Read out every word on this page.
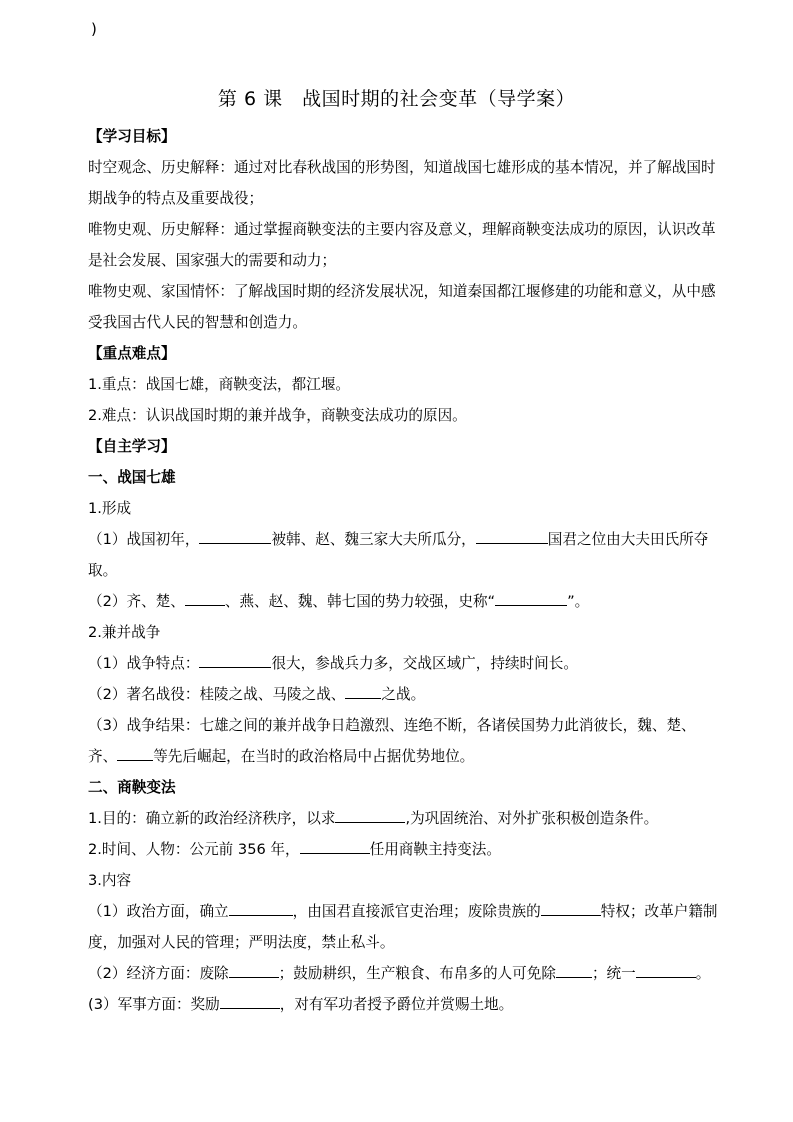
)
第 6 课　战国时期的社会变革（导学案）

【学习目标】

时空观念、历史解释：通过对比春秋战国的形势图，知道战国七雄形成的基本情况，并了解战国时期战争的特点及重要战役；

唯物史观、历史解释：通过掌握商鞅变法的主要内容及意义，理解商鞅变法成功的原因，认识改革是社会发展、国家强大的需要和动力；

唯物史观、家国情怀：了解战国时期的经济发展状况，知道秦国都江堰修建的功能和意义，从中感受我国古代人民的智慧和创造力。

【重点难点】

1.重点：战国七雄，商鞅变法，都江堰。

2.难点：认识战国时期的兼并战争，商鞅变法成功的原因。

【自主学习】

一、战国七雄

1.形成

（1）战国初年，	被韩、赵、魏三家大夫所瓜分，	国君之位由大夫田氏所夺取。

（2）齐、楚、	、燕、赵、魏、韩七国的势力较强，史称“	”。

2.兼并战争

（1）战争特点：	很大，参战兵力多，交战区域广，持续时间长。

（2）著名战役：桂陵之战、马陵之战、 之战。

（3）战争结果：七雄之间的兼并战争日趋激烈、连绝不断，各诸侯国势力此消彼长，魏、楚、齐、 等先后崛起，在当时的政治格局中占据优势地位。

二、商鞅变法

1.目的：确立新的政治经济秩序，以求	,为巩固统治、对外扩张积极创造条件。

2.时间、人物：公元前 356 年，	任用商鞅主持变法。

3.内容

（1）政治方面，确立	，由国君直接派官吏治理；废除贵族的	特权；改革户籍制度，加强对人民的管理；严明法度，禁止私斗。

（2）经济方面：废除	；鼓励耕织，生产粮食、布帛多的人可免除 ；统一	。

(3）军事方面：奖励	，对有军功者授予爵位并赏赐土地。
